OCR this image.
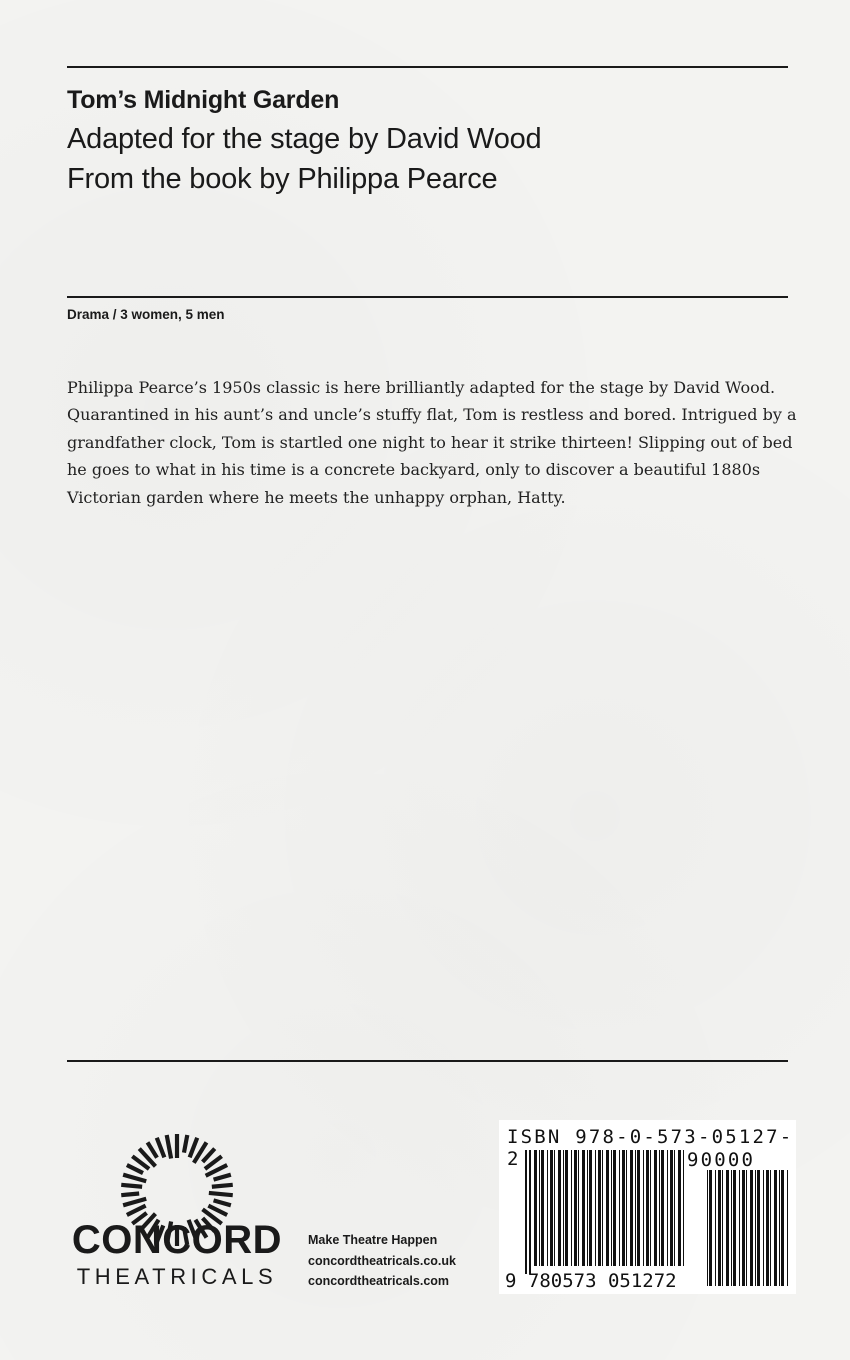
Tom’s Midnight Garden

Adapted for the stage by David Wood

From the book by Philippa Pearce

Drama / 3 women, 5 men

Philippa Pearce’s 1950s classic is here brilliantly adapted for the stage by David Wood. Quarantined in his aunt’s and uncle’s stuffy flat, Tom is restless and bored. Intrigued by a grandfather clock, Tom is startled one night to hear it strike thirteen! Slipping out of bed he goes to what in his time is a concrete backyard, only to discover a beautiful 1880s Victorian garden where he meets the unhappy orphan, Hatty.

CONCORD

THEATRICALS

Make Theatre Happen
concordtheatricals.co.uk
concordtheatricals.com

ISBN 978-0-573-05127-2	90000

9 780573 051272
